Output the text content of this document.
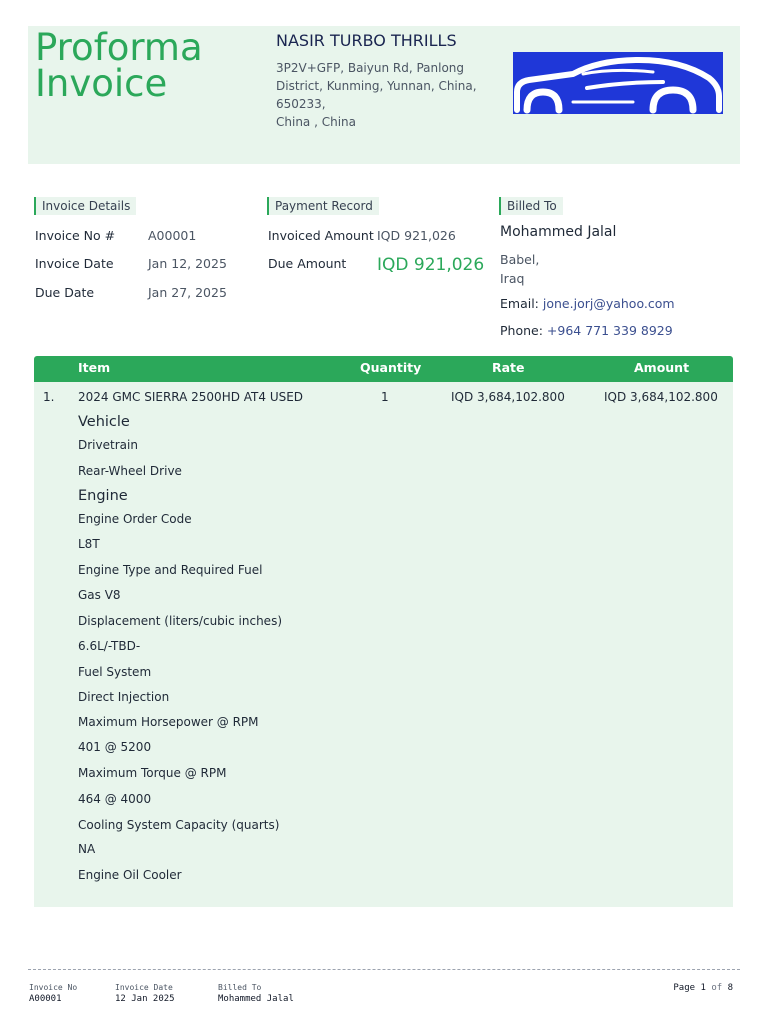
Proforma Invoice
NASIR TURBO THRILLS
3P2V+GFP, Baiyun Rd, Panlong
District, Kunming, Yunnan, China,
650233,
China , China
Invoice Details
Invoice No #	A00001
Invoice Date	Jan 12, 2025
Due Date	Jan 27, 2025
Payment Record
Invoiced Amount IQD 921,026
Due Amount IQD 921,026
Billed To
Mohammed Jalal
Babel,
Iraq
Email: jone.jorj@yahoo.com
Phone: +964 771 339 8929
Item	Quantity	Rate	Amount
1. 2024 GMC SIERRA 2500HD AT4 USED	1	IQD 3,684,102.800	IQD 3,684,102.800
Vehicle
Drivetrain
Rear-Wheel Drive
Engine
Engine Order Code
L8T
Engine Type and Required Fuel
Gas V8
Displacement (liters/cubic inches)
6.6L/-TBD-
Fuel System
Direct Injection
Maximum Horsepower @ RPM
401 @ 5200
Maximum Torque @ RPM
464 @ 4000
Cooling System Capacity (quarts)
NA
Engine Oil Cooler
Invoice No
A00001
Invoice Date
12 Jan 2025
Billed To
Mohammed Jalal
Page 1 of 8
